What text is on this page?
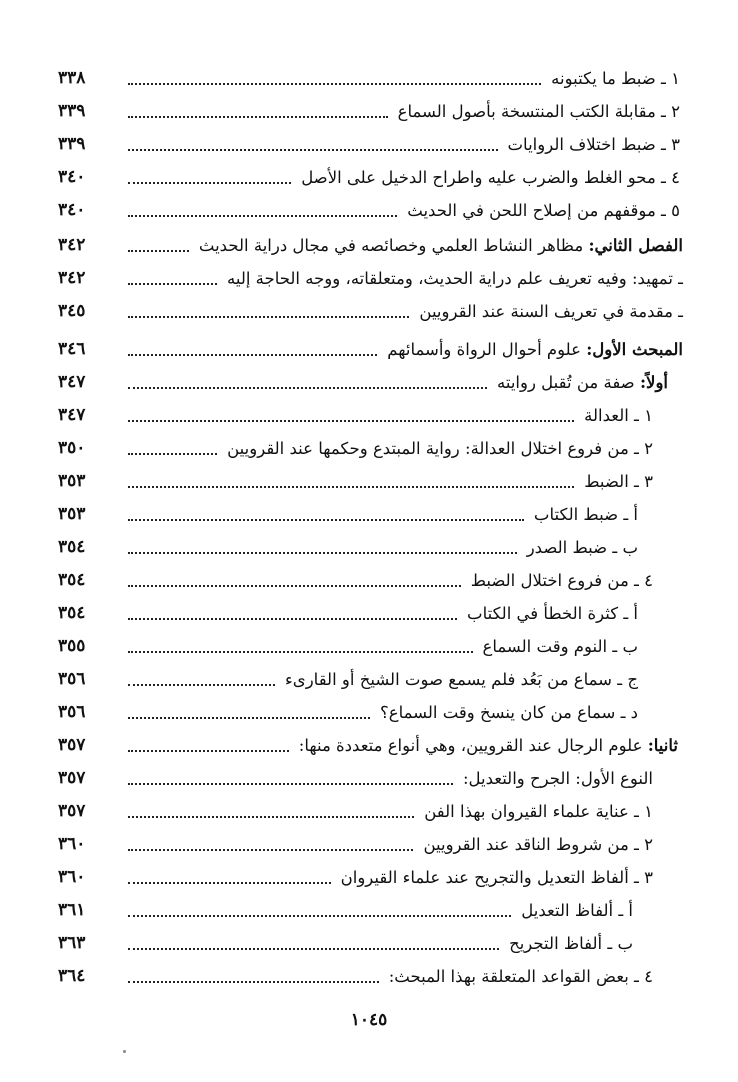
١ ـ ضبط ما يكتبونه
٣٣٨
٢ ـ مقابلة الكتب المنتسخة بأصول السماع
٣٣٩
٣ ـ ضبط اختلاف الروايات
٣٣٩
٤ ـ محو الغلط والضرب عليه واطراح الدخيل على الأصل
٣٤٠
٥ ـ موقفهم من إصلاح اللحن في الحديث
٣٤٠
الفصل الثاني: مظاهر النشاط العلمي وخصائصه في مجال دراية الحديث
٣٤٢
ـ تمهيد: وفيه تعريف علم دراية الحديث، ومتعلقاته، ووجه الحاجة إليه
٣٤٢
ـ مقدمة في تعريف السنة عند القرويين
٣٤٥
المبحث الأول: علوم أحوال الرواة وأسمائهم
٣٤٦
أولاً: صفة من تُقبل روايته
٣٤٧
١ ـ العدالة
٣٤٧
٢ ـ من فروع اختلال العدالة: رواية المبتدع وحكمها عند القرويين
٣٥٠
٣ ـ الضبط
٣٥٣
أ ـ ضبط الكتاب
٣٥٣
ب ـ ضبط الصدر
٣٥٤
٤ ـ من فروع اختلال الضبط
٣٥٤
أ ـ كثرة الخطأ في الكتاب
٣٥٤
ب ـ النوم وقت السماع
٣٥٥
ج ـ سماع من بَعُد فلم يسمع صوت الشيخ أو القارىء
٣٥٦
د ـ سماع من كان ينسخ وقت السماع؟
٣٥٦
ثانيا: علوم الرجال عند القرويين، وهي أنواع متعددة منها:
٣٥٧
النوع الأول: الجرح والتعديل:
٣٥٧
١ ـ عناية علماء القيروان بهذا الفن
٣٥٧
٢ ـ من شروط الناقد عند القرويين
٣٦٠
٣ ـ ألفاظ التعديل والتجريح عند علماء القيروان
٣٦٠
أ ـ ألفاظ التعديل
٣٦١
ب ـ ألفاظ التجريح
٣٦٣
٤ ـ بعض القواعد المتعلقة بهذا المبحث:
٣٦٤
١٠٤٥
